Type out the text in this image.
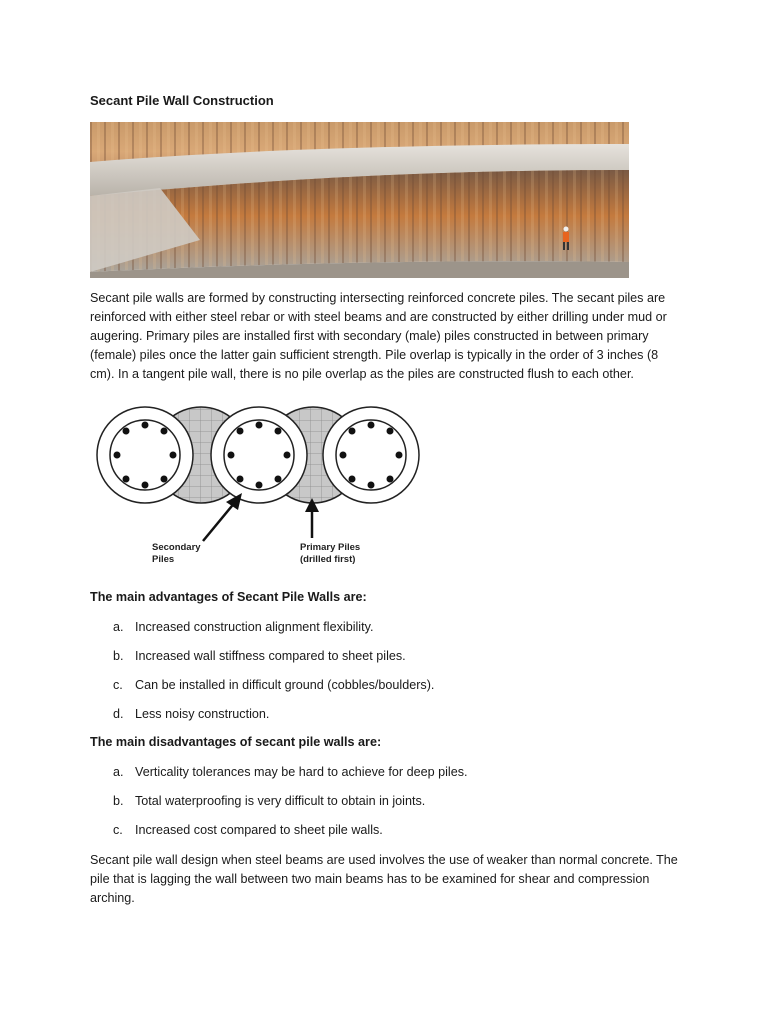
Secant Pile Wall Construction
Secant pile walls are formed by constructing intersecting reinforced concrete piles. The secant piles are reinforced with either steel rebar or with steel beams and are constructed by either drilling under mud or augering. Primary piles are installed first with secondary (male) piles constructed in between primary (female) piles once the latter gain sufficient strength. Pile overlap is typically in the order of 3 inches (8 cm). In a tangent pile wall, there is no pile overlap as the piles are constructed flush to each other.
Secondary
Piles
Primary Piles
(drilled first)
The main advantages of Secant Pile Walls are:
a. Increased construction alignment flexibility.
b. Increased wall stiffness compared to sheet piles.
c. Can be installed in difficult ground (cobbles/boulders).
d. Less noisy construction.
The main disadvantages of secant pile walls are:
a. Verticality tolerances may be hard to achieve for deep piles.
b. Total waterproofing is very difficult to obtain in joints.
c. Increased cost compared to sheet pile walls.
Secant pile wall design when steel beams are used involves the use of weaker than normal concrete. The pile that is lagging the wall between two main beams has to be examined for shear and compression arching.
